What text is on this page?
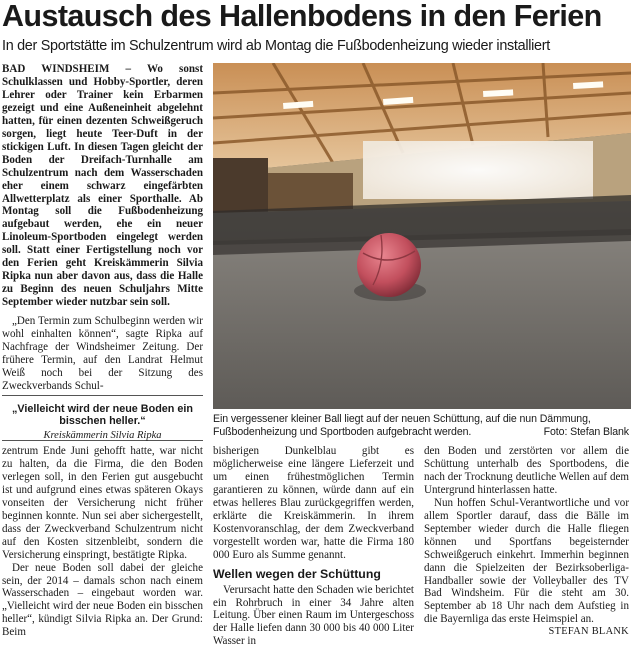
Austausch des Hallenbodens in den Ferien
In der Sportstätte im Schulzentrum wird ab Montag die Fußbodenheizung wieder installiert

BAD WINDSHEIM – Wo sonst Schulklassen und Hobby-Sportler, deren Lehrer oder Trainer kein Erbarmen gezeigt und eine Außeneinheit abgelehnt hatten, für einen dezenten Schweißgeruch sorgen, liegt heute Teer-Duft in der stickigen Luft. In diesen Tagen gleicht der Boden der Dreifach-Turnhalle am Schulzentrum nach dem Wasserschaden eher einem schwarz eingefärbten Allwetterplatz als einer Sporthalle. Ab Montag soll die Fußbodenheizung aufgebaut werden, ehe ein neuer Linoleum-Sportboden eingelegt werden soll. Statt einer Fertigstellung noch vor den Ferien geht Kreiskämmerin Silvia Ripka nun aber davon aus, dass die Halle zu Beginn des neuen Schuljahrs Mitte September wieder nutzbar sein soll.

„Den Termin zum Schulbeginn werden wir wohl einhalten können“, sagte Ripka auf Nachfrage der Windsheimer Zeitung. Der frühere Termin, auf den Landrat Helmut Weiß noch bei der Sitzung des Zweckverbands Schul-

„Vielleicht wird der neue Boden ein bisschen heller.“
Kreiskämmerin Silvia Ripka

zentrum Ende Juni gehofft hatte, war nicht zu halten, da die Firma, die den Boden verlegen soll, in den Ferien gut ausgebucht ist und aufgrund eines etwas späteren Okays vonseiten der Versicherung nicht früher beginnen konnte. Nun sei aber sichergestellt, dass der Zweckverband Schulzentrum nicht auf den Kosten sitzenbleibt, sondern die Versicherung einspringt, bestätigte Ripka.

Der neue Boden soll dabei der gleiche sein, der 2014 – damals schon nach einem Wasserschaden – eingebaut worden war. „Vielleicht wird der neue Boden ein bisschen heller“, kündigt Silvia Ripka an. Der Grund: Beim

Ein vergessener kleiner Ball liegt auf der neuen Schüttung, auf die nun Dämmung, Fußbodenheizung und Sportboden aufgebracht werden.	Foto: Stefan Blank

bisherigen Dunkelblau gibt es möglicherweise eine längere Lieferzeit und um einen frühestmöglichen Termin garantieren zu können, würde dann auf ein etwas helleres Blau zurückgegriffen werden, erklärte die Kreiskämmerin. In ihrem Kostenvoranschlag, der dem Zweckverband vorgestellt worden war, hatte die Firma 180 000 Euro als Summe genannt.

Wellen wegen der Schüttung

Verursacht hatte den Schaden wie berichtet ein Rohrbruch in einer 34 Jahre alten Leitung. Über einen Raum im Untergeschoss der Halle liefen dann 30 000 bis 40 000 Liter Wasser in

den Boden und zerstörten vor allem die Schüttung unterhalb des Sportbodens, die nach der Trocknung deutliche Wellen auf dem Untergrund hinterlassen hatte.

Nun hoffen Schul-Verantwortliche und vor allem Sportler darauf, dass die Bälle im September wieder durch die Halle fliegen können und Sportfans begeisternder Schweißgeruch einkehrt. Immerhin beginnen dann die Spielzeiten der Bezirksoberliga-Handballer sowie der Volleyballer des TV Bad Windsheim. Für die steht am 30. September ab 18 Uhr nach dem Aufstieg in die Bayernliga das erste Heimspiel an.
STEFAN BLANK
